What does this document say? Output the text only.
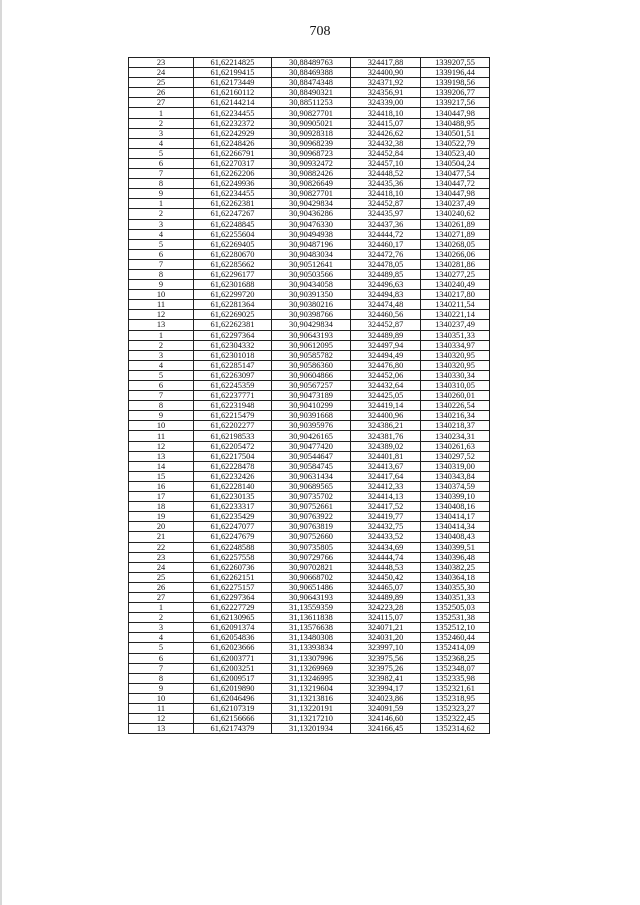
708
23	61,62214825	30,88489763	324417,88	1339207,55
24	61,62199415	30,88469388	324400,90	1339196,44
25	61,62173449	30,88474348	324371,92	1339198,56
26	61,62160112	30,88490321	324356,91	1339206,77
27	61,62144214	30,88511253	324339,00	1339217,56
1	61,62234455	30,90827701	324418,10	1340447,98
2	61,62232372	30,90905021	324415,07	1340488,95
3	61,62242929	30,90928318	324426,62	1340501,51
4	61,62248426	30,90968239	324432,38	1340522,79
5	61,62266791	30,90968723	324452,84	1340523,40
6	61,62270317	30,90932472	324457,10	1340504,24
7	61,62262206	30,90882426	324448,52	1340477,54
8	61,62249936	30,90826649	324435,36	1340447,72
9	61,62234455	30,90827701	324418,10	1340447,98
1	61,62262381	30,90429834	324452,87	1340237,49
2	61,62247267	30,90436286	324435,97	1340240,62
3	61,62248845	30,90476330	324437,36	1340261,89
4	61,62255604	30,90494938	324444,72	1340271,89
5	61,62269405	30,90487196	324460,17	1340268,05
6	61,62280670	30,90483034	324472,76	1340266,06
7	61,62285662	30,90512641	324478,05	1340281,86
8	61,62296177	30,90503566	324489,85	1340277,25
9	61,62301688	30,90434058	324496,63	1340240,49
10	61,62299720	30,90391350	324494,83	1340217,80
11	61,62281364	30,90380216	324474,48	1340211,54
12	61,62269025	30,90398766	324460,56	1340221,14
13	61,62262381	30,90429834	324452,87	1340237,49
1	61,62297364	30,90643193	324489,89	1340351,33
2	61,62304332	30,90612095	324497,94	1340334,97
3	61,62301018	30,90585782	324494,49	1340320,95
4	61,62285147	30,90586360	324476,80	1340320,95
5	61,62263097	30,90604866	324452,06	1340330,34
6	61,62245359	30,90567257	324432,64	1340310,05
7	61,62237771	30,90473189	324425,05	1340260,01
8	61,62231948	30,90410299	324419,14	1340226,54
9	61,62215479	30,90391668	324400,96	1340216,34
10	61,62202277	30,90395976	324386,21	1340218,37
11	61,62198533	30,90426165	324381,76	1340234,31
12	61,62205472	30,90477420	324389,02	1340261,63
13	61,62217504	30,90544647	324401,81	1340297,52
14	61,62228478	30,90584745	324413,67	1340319,00
15	61,62232426	30,90631434	324417,64	1340343,84
16	61,62228140	30,90689565	324412,33	1340374,59
17	61,62230135	30,90735702	324414,13	1340399,10
18	61,62233317	30,90752661	324417,52	1340408,16
19	61,62235429	30,90763922	324419,77	1340414,17
20	61,62247077	30,90763819	324432,75	1340414,34
21	61,62247679	30,90752660	324433,52	1340408,43
22	61,62248588	30,90735805	324434,69	1340399,51
23	61,62257558	30,90729766	324444,74	1340396,48
24	61,62260736	30,90702821	324448,53	1340382,25
25	61,62262151	30,90668702	324450,42	1340364,18
26	61,62275157	30,90651486	324465,07	1340355,30
27	61,62297364	30,90643193	324489,89	1340351,33
1	61,62227729	31,13559359	324223,28	1352505,03
2	61,62130965	31,13611838	324115,07	1352531,38
3	61,62091374	31,13576638	324071,21	1352512,10
4	61,62054836	31,13480308	324031,20	1352460,44
5	61,62023666	31,13393834	323997,10	1352414,09
6	61,62003771	31,13307996	323975,56	1352368,25
7	61,62003251	31,13269969	323975,26	1352348,07
8	61,62009517	31,13246995	323982,41	1352335,98
9	61,62019890	31,13219604	323994,17	1352321,61
10	61,62046496	31,13213816	324023,86	1352318,95
11	61,62107319	31,13220191	324091,59	1352323,27
12	61,62156666	31,13217210	324146,60	1352322,45
13	61,62174379	31,13201934	324166,45	1352314,62
